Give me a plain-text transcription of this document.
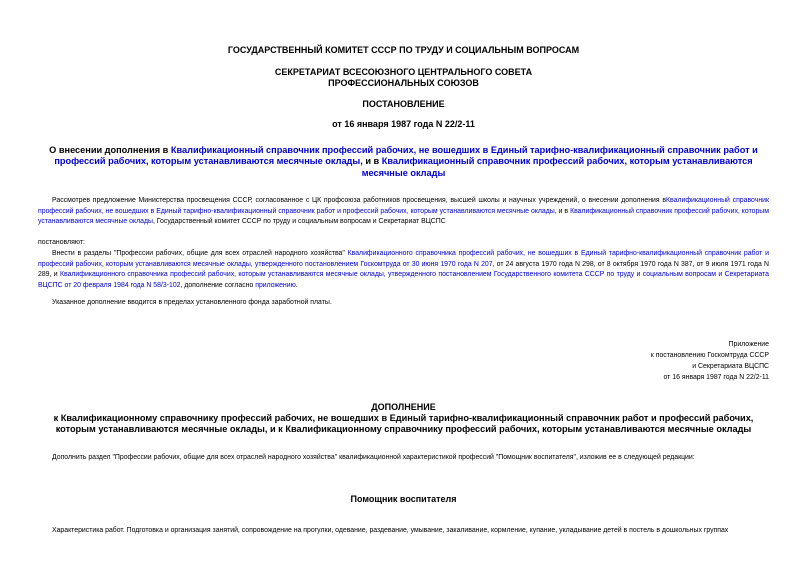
ГОСУДАРСТВЕННЫЙ КОМИТЕТ СССР ПО ТРУДУ И СОЦИАЛЬНЫМ ВОПРОСАМ

СЕКРЕТАРИАТ ВСЕСОЮЗНОГО ЦЕНТРАЛЬНОГО СОВЕТА

ПРОФЕССИОНАЛЬНЫХ СОЮЗОВ

ПОСТАНОВЛЕНИЕ

от 16 января 1987 года N 22/2-11

О внесении дополнения в Квалификационный справочник профессий рабочих, не вошедших в Единый тарифно-квалификационный справочник работ и профессий рабочих, которым устанавливаются месячные оклады, и в Квалификационный справочник профессий рабочих, которым устанавливаются месячные оклады

Рассмотрев предложение Министерства просвещения СССР, согласованное с ЦК профсоюза работников просвещения, высшей школы и научных учреждений, о внесении дополнения вКвалификационный справочник профессий рабочих, не вошедших в Единый тарифно-квалификационный справочник работ и профессий рабочих, которым устанавливаются месячные оклады, и в Квалификационный справочник профессий рабочих, которым устанавливаются месячные оклады, Государственный комитет СССР по труду и социальным вопросам и Секретариат ВЦСПС

постановляют:

Внести в разделы "Профессии рабочих, общие для всех отраслей народного хозяйства" Квалификационного справочника профессий рабочих, не вошедших в Единый тарифно-квалификационный справочник работ и профессий рабочих, которым устанавливаются месячные оклады, утвержденного постановлением Госкомтруда от 30 июня 1970 года N 207, от 24 августа 1970 года N 298, от 8 октября 1970 года N 387, от 9 июля 1971 года N 289, и Квалификационного справочника профессий рабочих, которым устанавливаются месячные оклады, утвержденного постановлением Государственного комитета СССР по труду и социальным вопросам и Секретариата ВЦСПС от 20 февраля 1984 года N 58/3-102, дополнение согласно приложению.

Указанное дополнение вводится в пределах установленного фонда заработной платы.

Приложение

к постановлению Госкомтруда СССР

и Секретариата ВЦСПС

от 16 января 1987 года N 22/2-11

ДОПОЛНЕНИЕ

к Квалификационному справочнику профессий рабочих, не вошедших в Единый тарифно-квалификационный справочник работ и профессий рабочих, которым устанавливаются месячные оклады, и к Квалификационному справочнику профессий рабочих, которым устанавливаются месячные оклады

Дополнить раздел "Профессии рабочих, общие для всех отраслей народного хозяйства" квалификационной характеристикой профессий "Помощник воспитателя", изложив ее в следующей редакции:

Помощник воспитателя

Характеристика работ. Подготовка и организация занятий, сопровождение на прогулки, одевание, раздевание, умывание, закаливание, кормление, купание, укладывание детей в постель в дошкольных группах
